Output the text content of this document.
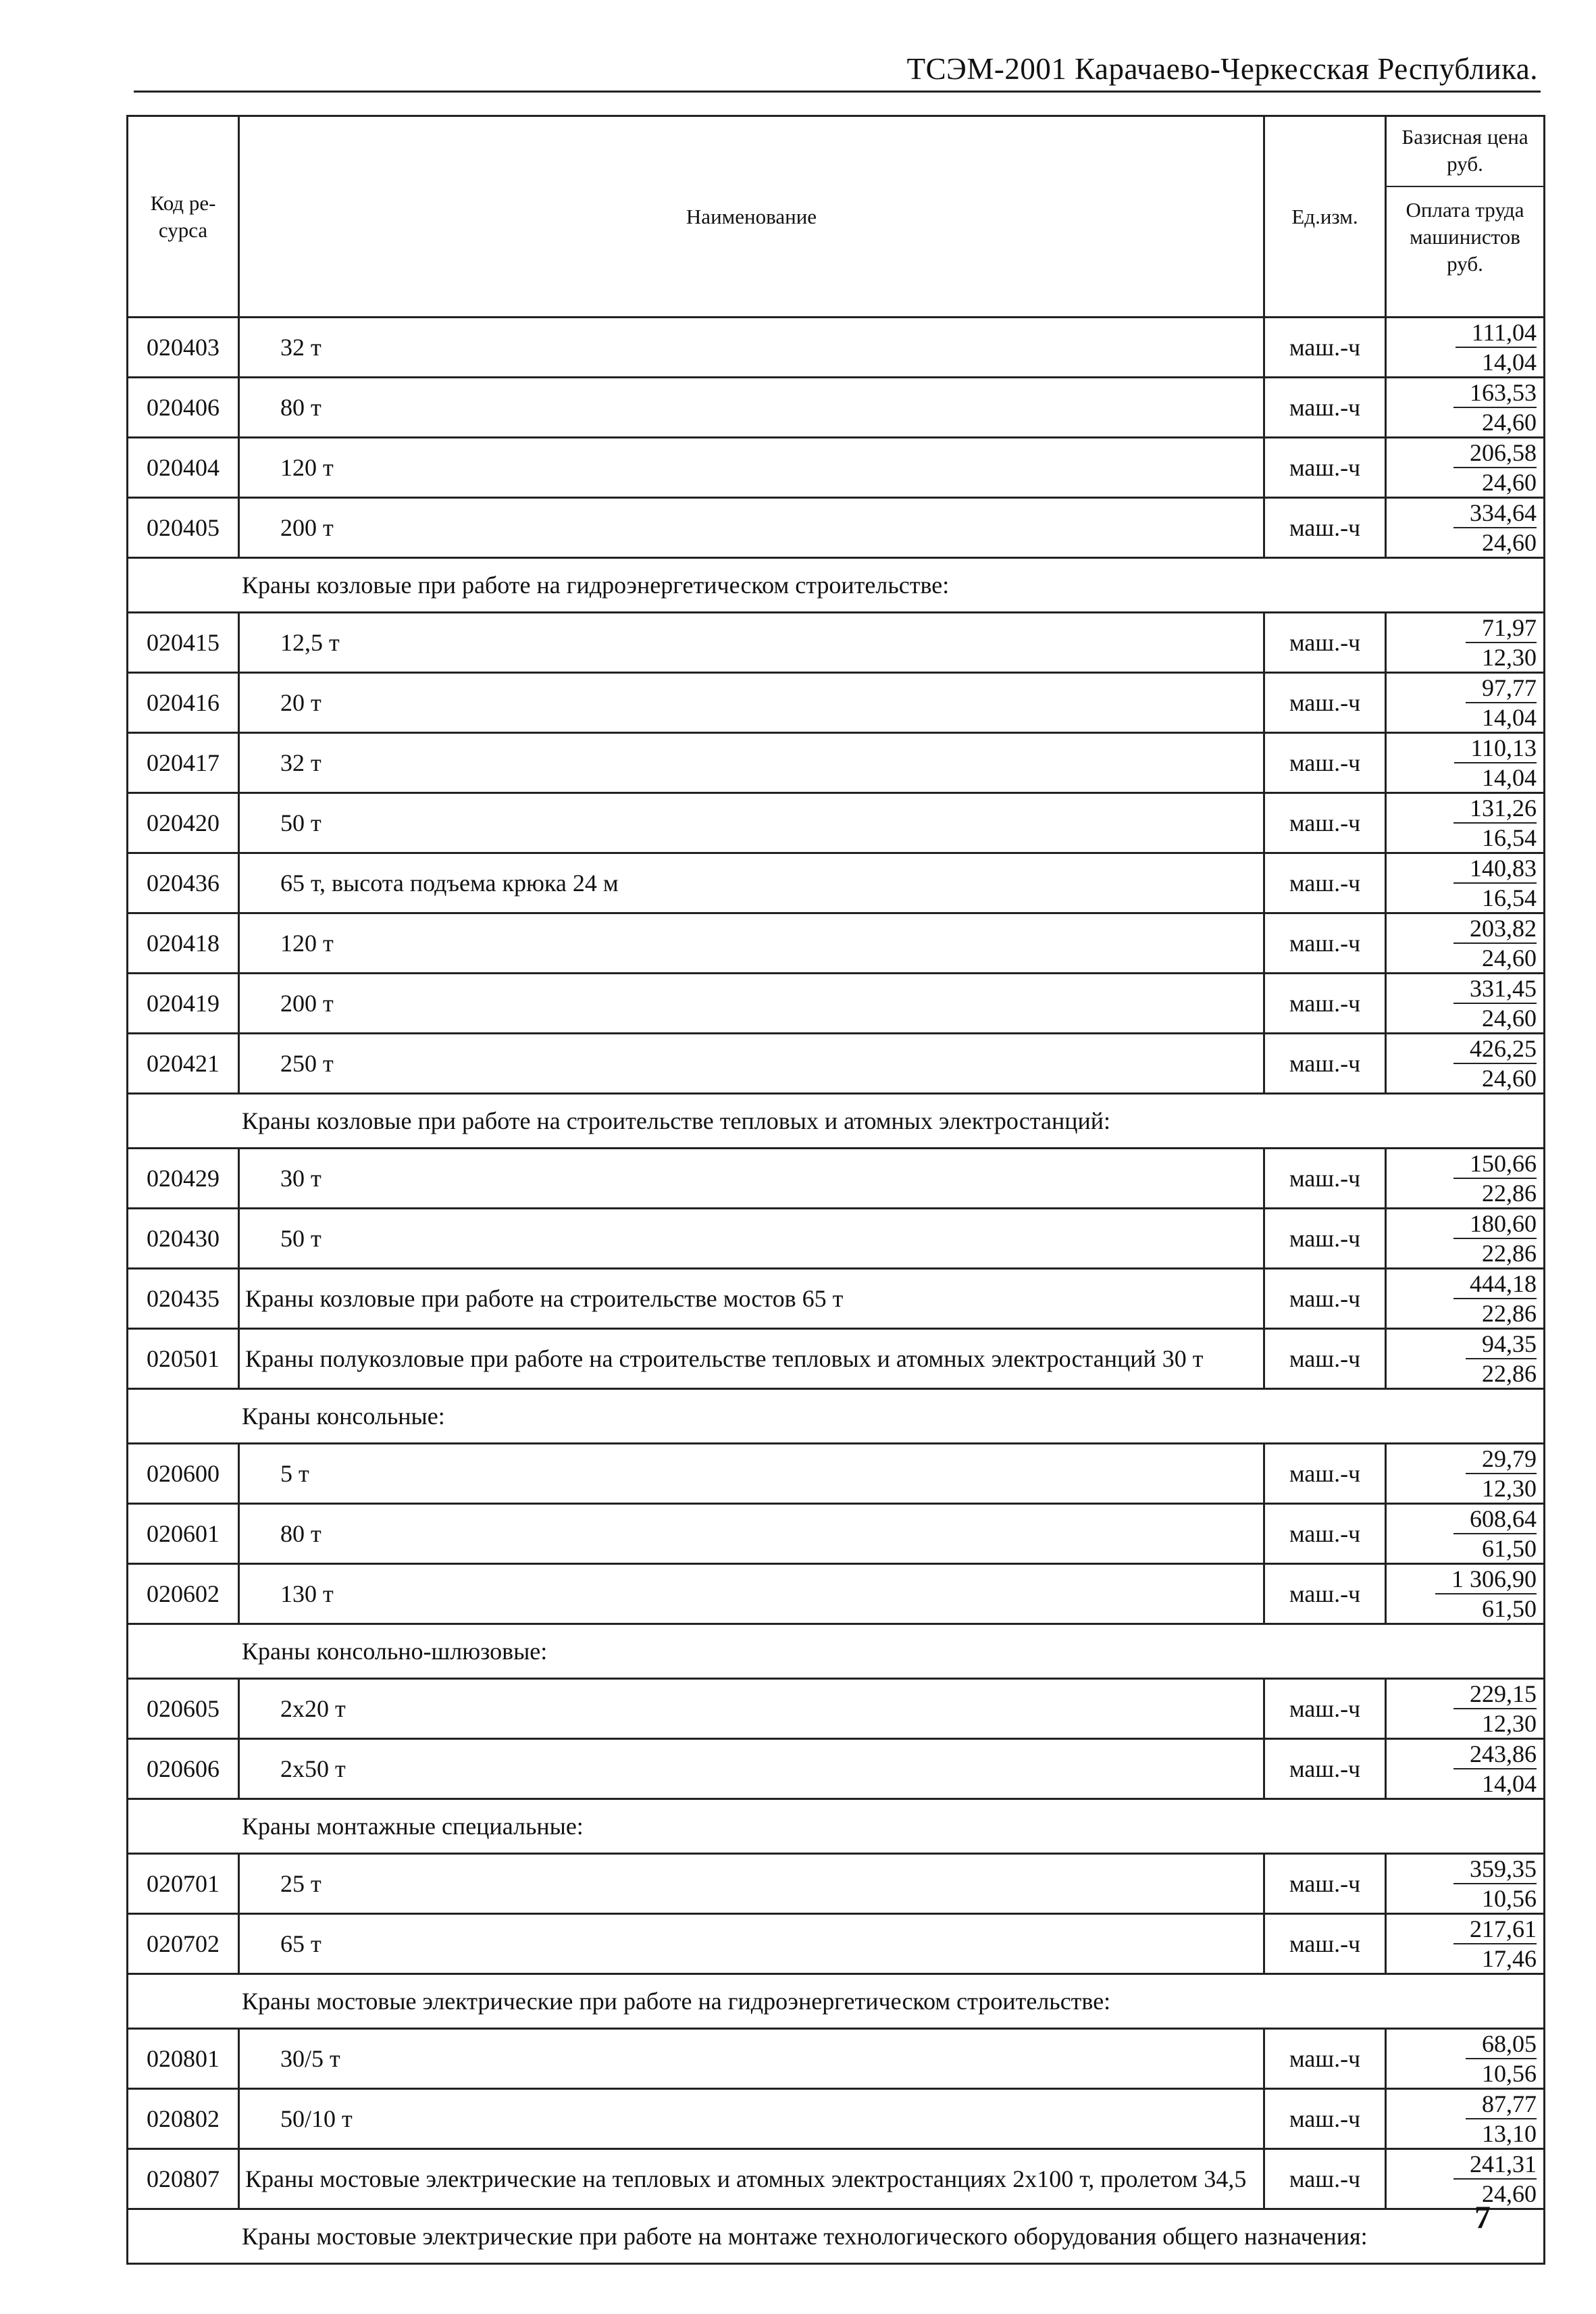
ТСЭМ-2001 Карачаево-Черкесская Республика.
Код ре-сурса	Наименование	Ед.изм.	Базисная цена руб.
Оплата труда машинистов руб.

020403	32 т	маш.-ч	111,04
14,04
020406	80 т	маш.-ч	163,53
24,60
020404	120 т	маш.-ч	206,58
24,60
020405	200 т	маш.-ч	334,64
24,60
Краны козловые при работе на гидроэнергетическом строительстве:			
020415	12,5 т	маш.-ч	71,97
12,30
020416	20 т	маш.-ч	97,77
14,04
020417	32 т	маш.-ч	110,13
14,04
020420	50 т	маш.-ч	131,26
16,54
020436	65 т, высота подъема крюка 24 м	маш.-ч	140,83
16,54
020418	120 т	маш.-ч	203,82
24,60
020419	200 т	маш.-ч	331,45
24,60
020421	250 т	маш.-ч	426,25
24,60
Краны козловые при работе на строительстве тепловых и атомных электростанций:			
020429	30 т	маш.-ч	150,66
22,86
020430	50 т	маш.-ч	180,60
22,86
020435	Краны козловые при работе на строительстве мостов 65 т	маш.-ч	444,18
22,86
020501	Краны полукозловые при работе на строительстве тепловых и атомных электростанций 30 т	маш.-ч	94,35
22,86
Краны консольные:			
020600	5 т	маш.-ч	29,79
12,30
020601	80 т	маш.-ч	608,64
61,50
020602	130 т	маш.-ч	1 306,90
61,50
Краны консольно-шлюзовые:			
020605	2х20 т	маш.-ч	229,15
12,30
020606	2х50 т	маш.-ч	243,86
14,04
Краны монтажные специальные:			
020701	25 т	маш.-ч	359,35
10,56
020702	65 т	маш.-ч	217,61
17,46
Краны мостовые электрические при работе на гидроэнергетическом строительстве:			
020801	30/5 т	маш.-ч	68,05
10,56
020802	50/10 т	маш.-ч	87,77
13,10
020807	Краны мостовые электрические на тепловых и атомных электростанциях 2х100 т, пролетом 34,5	маш.-ч	241,31
24,60
Краны мостовые электрические при работе на монтаже технологического оборудования общего назначения:			
7
